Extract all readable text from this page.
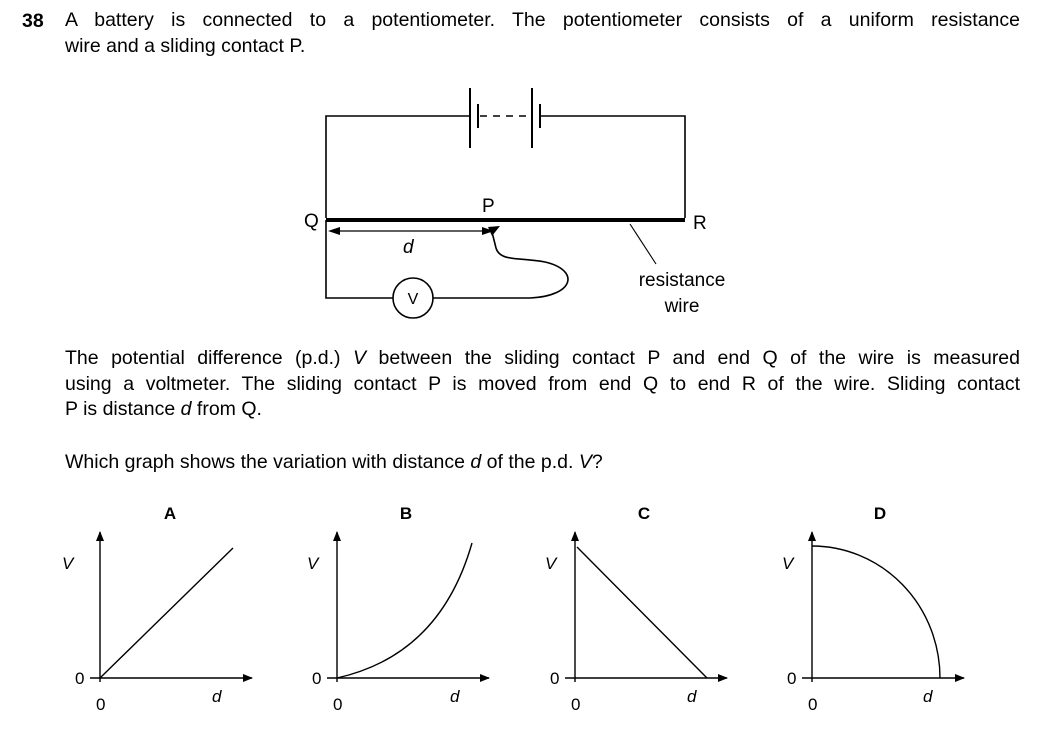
38 A battery is connected to a potentiometer. The potentiometer consists of a uniform resistance
wire and a sliding contact P.
The potential difference (p.d.) V between the sliding contact P and end Q of the wire is measured
using a voltmeter. The sliding contact P is moved from end Q to end R of the wire. Sliding contact
P is distance d from Q.
Which graph shows the variation with distance d of the p.d. V?
Q
P
R
d
V
resistance
wire
A
V
0
0	d
B
V
0
0	d
C
V
0
0	d
D
V
0
0	d
